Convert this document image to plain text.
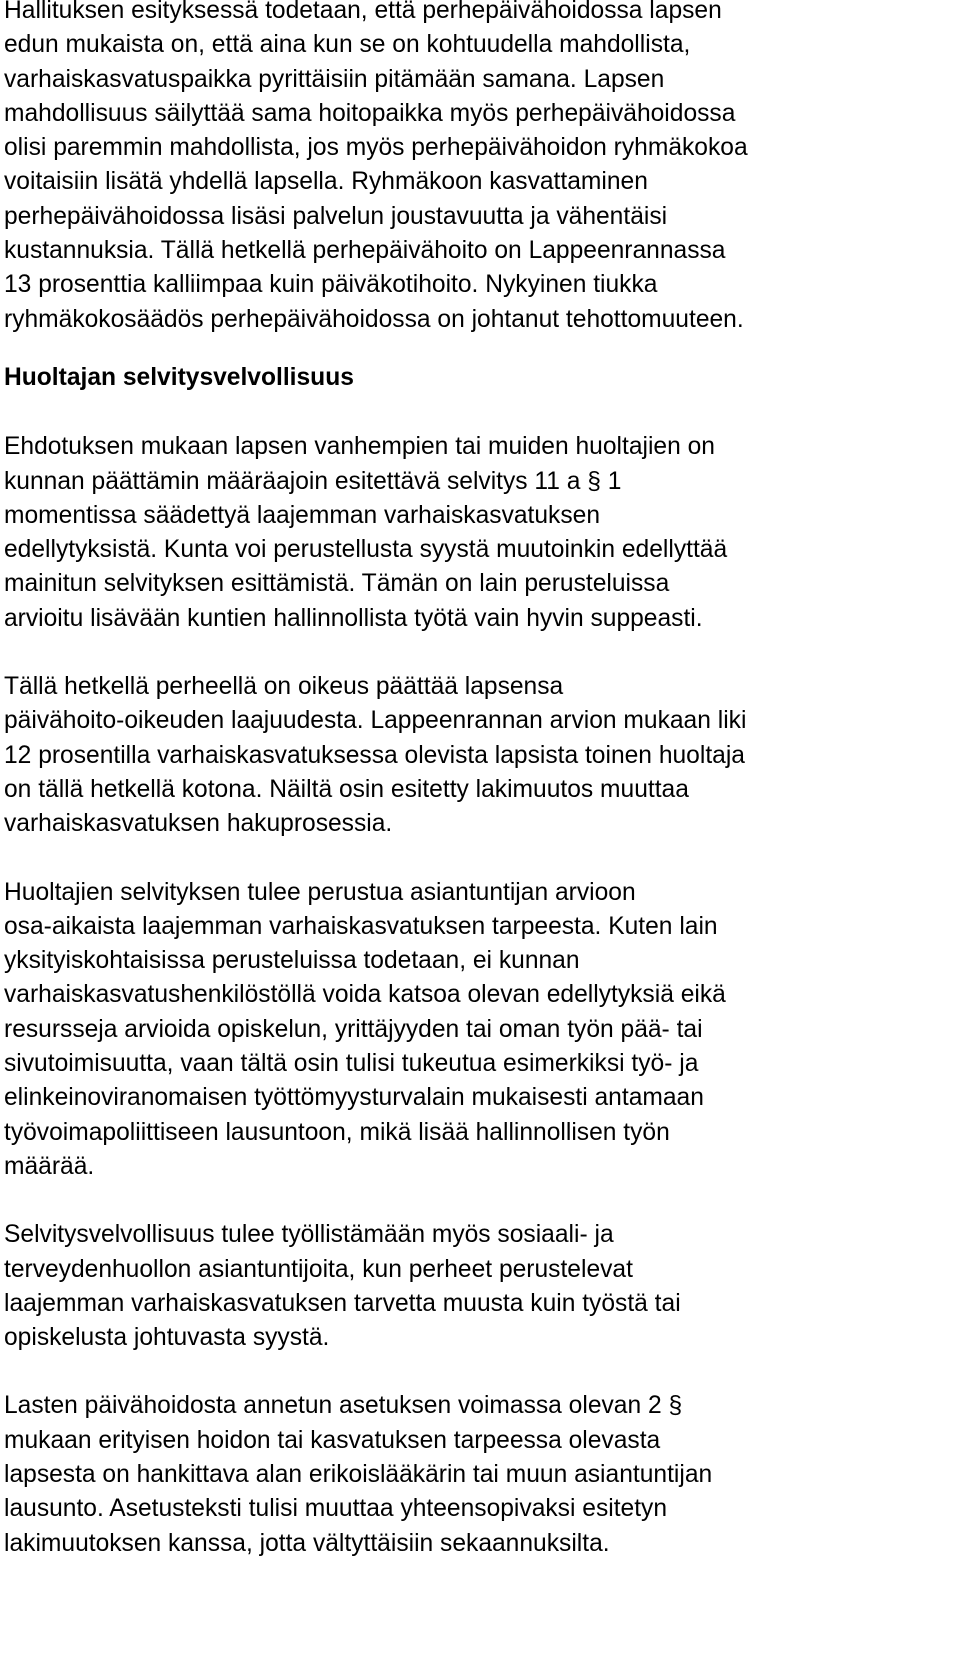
Hallituksen esityksessä todetaan, että perhepäivähoidossa lapsen
edun mukaista on, että aina kun se on kohtuudella mahdollista,
varhaiskasvatuspaikka pyrittäisiin pitämään samana. Lapsen
mahdollisuus säilyttää sama hoitopaikka myös perhepäivähoidossa
olisi paremmin mahdollista, jos myös perhepäivähoidon ryhmäkokoa
voitaisiin lisätä yhdellä lapsella. Ryhmäkoon kasvattaminen
perhepäivähoidossa lisäsi palvelun joustavuutta ja vähentäisi
kustannuksia. Tällä hetkellä perhepäivähoito on Lappeenrannassa
13 prosenttia kalliimpaa kuin päiväkotihoito. Nykyinen tiukka
ryhmäkokosäädös perhepäivähoidossa on johtanut tehottomuuteen.

Huoltajan selvitysvelvollisuus

Ehdotuksen mukaan lapsen vanhempien tai muiden huoltajien on
kunnan päättämin määräajoin esitettävä selvitys 11 a § 1
momentissa säädettyä laajemman varhaiskasvatuksen
edellytyksistä. Kunta voi perustellusta syystä muutoinkin edellyttää
mainitun selvityksen esittämistä. Tämän on lain perusteluissa
arvioitu lisävään kuntien hallinnollista työtä vain hyvin suppeasti.

Tällä hetkellä perheellä on oikeus päättää lapsensa
päivähoito-oikeuden laajuudesta. Lappeenrannan arvion mukaan liki
12 prosentilla varhaiskasvatuksessa olevista lapsista toinen huoltaja
on tällä hetkellä kotona. Näiltä osin esitetty lakimuutos muuttaa
varhaiskasvatuksen hakuprosessia.

Huoltajien selvityksen tulee perustua asiantuntijan arvioon
osa-aikaista laajemman varhaiskasvatuksen tarpeesta. Kuten lain
yksityiskohtaisissa perusteluissa todetaan, ei kunnan
varhaiskasvatushenkilöstöllä voida katsoa olevan edellytyksiä eikä
resursseja arvioida opiskelun, yrittäjyyden tai oman työn pää- tai
sivutoimisuutta, vaan tältä osin tulisi tukeutua esimerkiksi työ- ja
elinkeinoviranomaisen työttömyysturvalain mukaisesti antamaan
työvoimapoliittiseen lausuntoon, mikä lisää hallinnollisen työn
määrää.

Selvitysvelvollisuus tulee työllistämään myös sosiaali- ja
terveydenhuollon asiantuntijoita, kun perheet perustelevat
laajemman varhaiskasvatuksen tarvetta muusta kuin työstä tai
opiskelusta johtuvasta syystä.

Lasten päivähoidosta annetun asetuksen voimassa olevan 2 §
mukaan erityisen hoidon tai kasvatuksen tarpeessa olevasta
lapsesta on hankittava alan erikoislääkärin tai muun asiantuntijan
lausunto. Asetusteksti tulisi muuttaa yhteensopivaksi esitetyn
lakimuutoksen kanssa, jotta vältyttäisiin sekaannuksilta.
